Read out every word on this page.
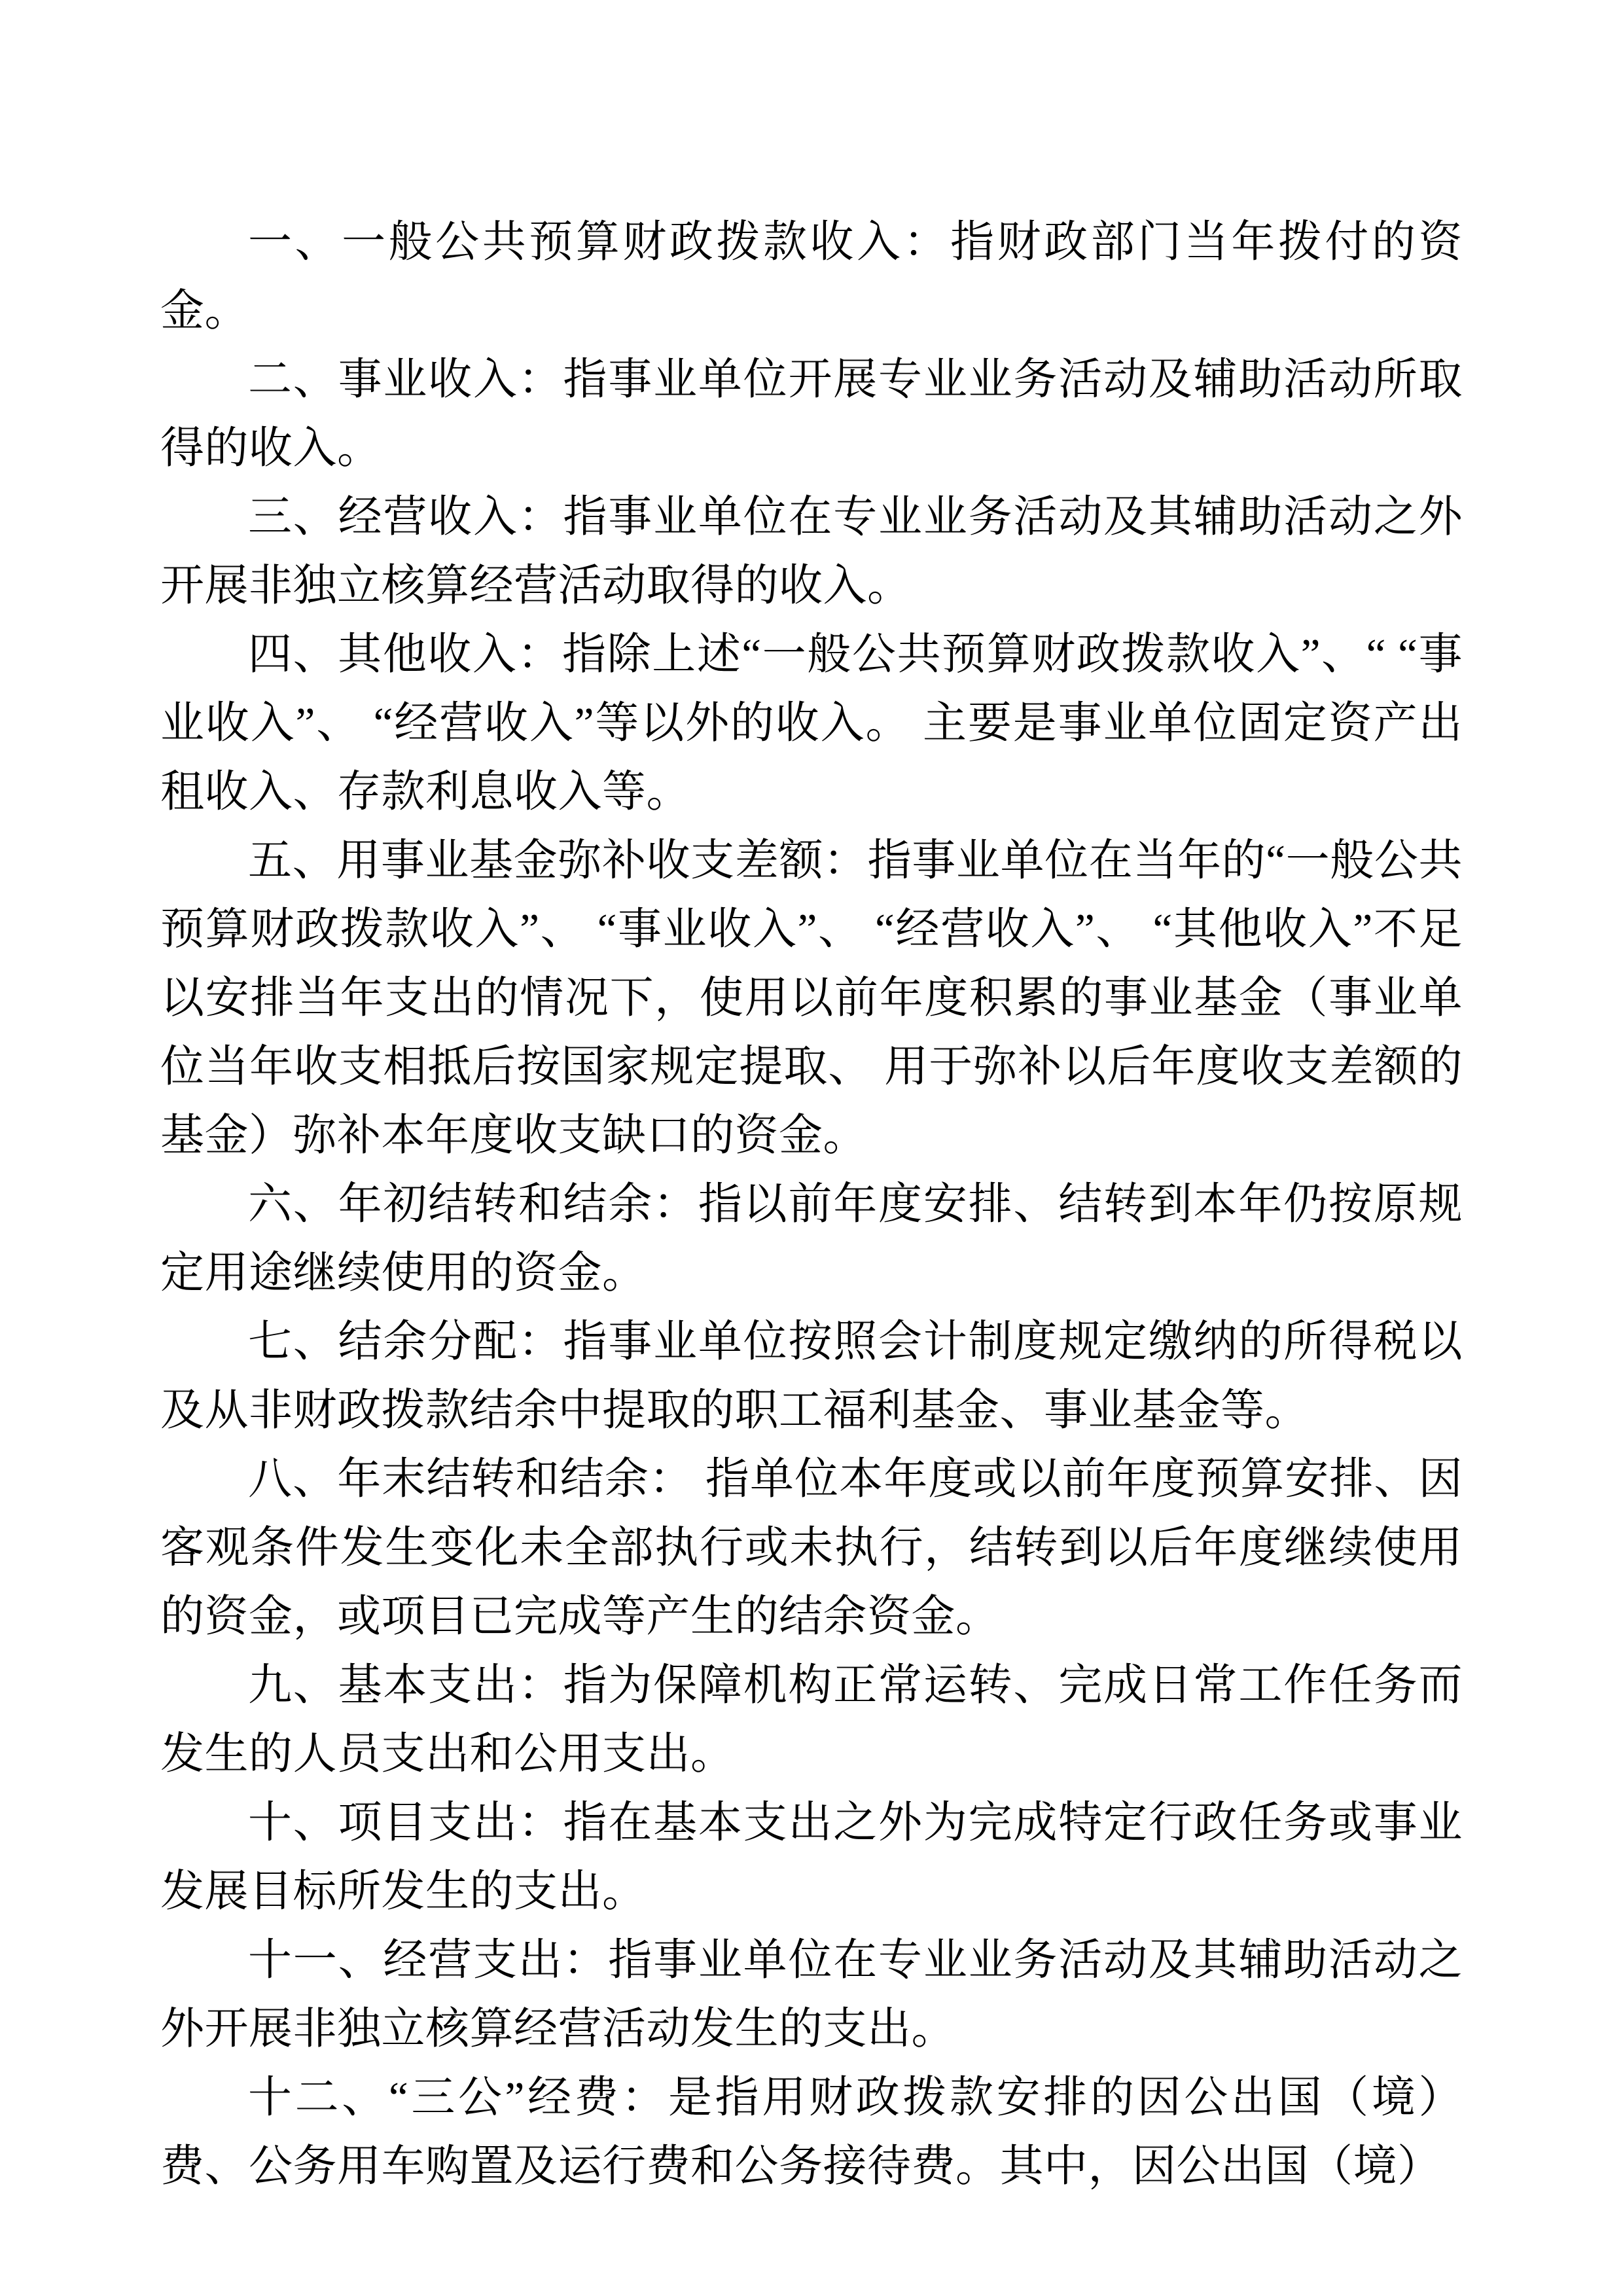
一、一般公共预算财政拨款收入：指财政部门当年拨付的资金。

二、事业收入：指事业单位开展专业业务活动及辅助活动所取得的收入。

三、经营收入：指事业单位在专业业务活动及其辅助活动之外开展非独立核算经营活动取得的收入。

四、其他收入：指除上述“一般公共预算财政拨款收入”、“ “事业收入”、 “经营收入”等以外的收入。 主要是事业单位固定资产出租收入、存款利息收入等。

五、用事业基金弥补收支差额：指事业单位在当年的“一般公共预算财政拨款收入”、 “事业收入”、 “经营收入”、 “其他收入”不足以安排当年支出的情况下，使用以前年度积累的事业基金（事业单位当年收支相抵后按国家规定提取、 用于弥补以后年度收支差额的基金）弥补本年度收支缺口的资金。

六、年初结转和结余：指以前年度安排、结转到本年仍按原规定用途继续使用的资金。

七、结余分配：指事业单位按照会计制度规定缴纳的所得税以及从非财政拨款结余中提取的职工福利基金、事业基金等。

八、年末结转和结余： 指单位本年度或以前年度预算安排、因客观条件发生变化未全部执行或未执行，结转到以后年度继续使用的资金，或项目已完成等产生的结余资金。

九、基本支出：指为保障机构正常运转、完成日常工作任务而发生的人员支出和公用支出。

十、项目支出：指在基本支出之外为完成特定行政任务或事业发展目标所发生的支出。

十一、经营支出：指事业单位在专业业务活动及其辅助活动之外开展非独立核算经营活动发生的支出。

十二、“三公”经费：是指用财政拨款安排的因公出国（境）费、公务用车购置及运行费和公务接待费。其中，因公出国（境）
